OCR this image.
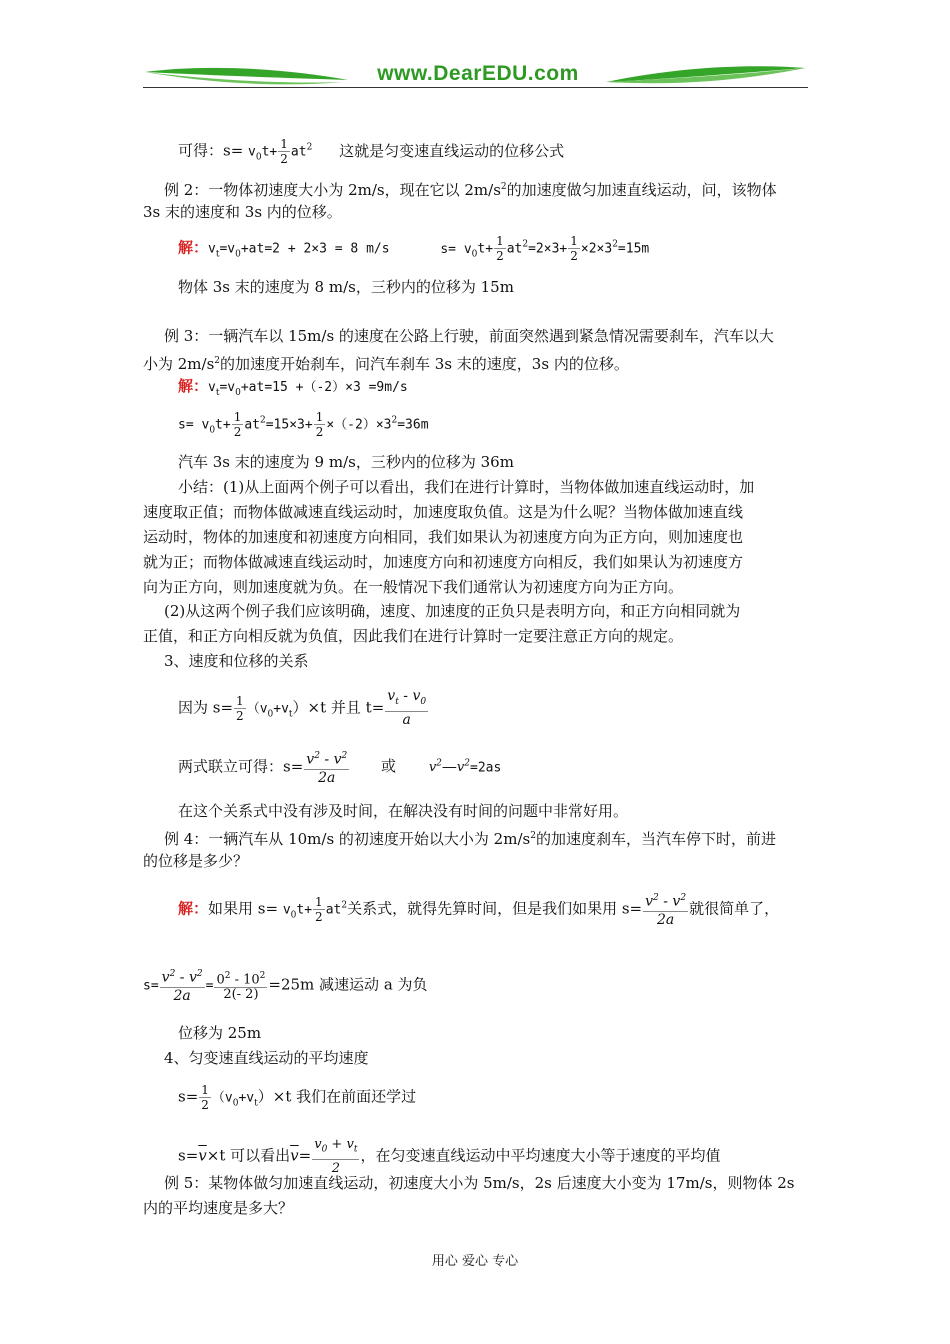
www.DearEDU.com
可得：$s= v_0t+ \frac{1}{2} at^2$ 这就是匀变速直线运动的位移公式
例 2：一物体初速度大小为 2m/s，现在它以 $2m/s^2$的加速度做匀加速直线运动，问，该物体
3s 末的速度和 3s 内的位移。
解：$v_t=v_0+at=2 + 2\times 3 = 8$ m/s	$s= v_0t+ \frac{1}{2} at^2=2\times 3+ \frac{1}{2} \times 2\times 3^2=15m$
物体 3s 末的速度为 8 m/s，三秒内的位移为 15m
例 3：一辆汽车以 15m/s 的速度在公路上行驶，前面突然遇到紧急情况需要刹车，汽车以大
小为 $2m/s^2$的加速度开始刹车，问汽车刹车 3s 末的速度，3s 内的位移。
解：$v_t=v_0+at=15 +(-2)\times 3 =9m/s$
$s= v_0t+ \frac{1}{2} at^2=15\times 3+ \frac{1}{2} \times(-2)\times 3^2=36m$
汽车 3s 末的速度为 9 m/s，三秒内的位移为 36m
小结：(1)从上面两个例子可以看出，我们在进行计算时，当物体做加速直线运动时，加
速度取正值；而物体做减速直线运动时，加速度取负值。这是为什么呢？当物体做加速直线
运动时，物体的加速度和初速度方向相同，我们如果认为初速度方向为正方向，则加速度也
就为正；而物体做减速直线运动时，加速度方向和初速度方向相反，我们如果认为初速度方
向为正方向，则加速度就为负。在一般情况下我们通常认为初速度方向为正方向。
(2)从这两个例子我们应该明确，速度、加速度的正负只是表明方向，和正方向相同就为
正值，和正方向相反就为负值，因此我们在进行计算时一定要注意正方向的规定。
3、速度和位移的关系
因为 $s= \frac{1}{2} (v_0+v_t)\times t$ 并且 $t= \frac{v_t - v_0}{a}$
两式联立可得：$s= \frac{v^2 - v^2}{2a}$ 或	$v^2—v^2=2as$
在这个关系式中没有涉及时间，在解决没有时间的问题中非常好用。
例 4：一辆汽车从 10m/s 的初速度开始以大小为 $2m/s^2$的加速度刹车，当汽车停下时，前进
的位移是多少？
解：如果用 $s= v_0t+ \frac{1}{2} at^2$关系式，就得先算时间，但是我们如果用 $s= \frac{v^2 - v^2}{2a}$ 就很简单了，
$s= \frac{v^2 - v^2}{2a} = \frac{0^2 - 10^2}{2(- 2)} =25m$ 减速运动 a 为负
位移为 25m
4、匀变速直线运动的平均速度
$s= \frac{1}{2} (v_0+v_t)\times t$ 我们在前面还学过
$s=\overline{v}\times t$ 可以看出$\overline{v}= \frac{v_0 + v_t}{2}$ ，在匀变速直线运动中平均速度大小等于速度的平均值
例 5：某物体做匀加速直线运动，初速度大小为 5m/s，2s 后速度大小变为 17m/s，则物体 2s
内的平均速度是多大？
用心 爱心 专心
